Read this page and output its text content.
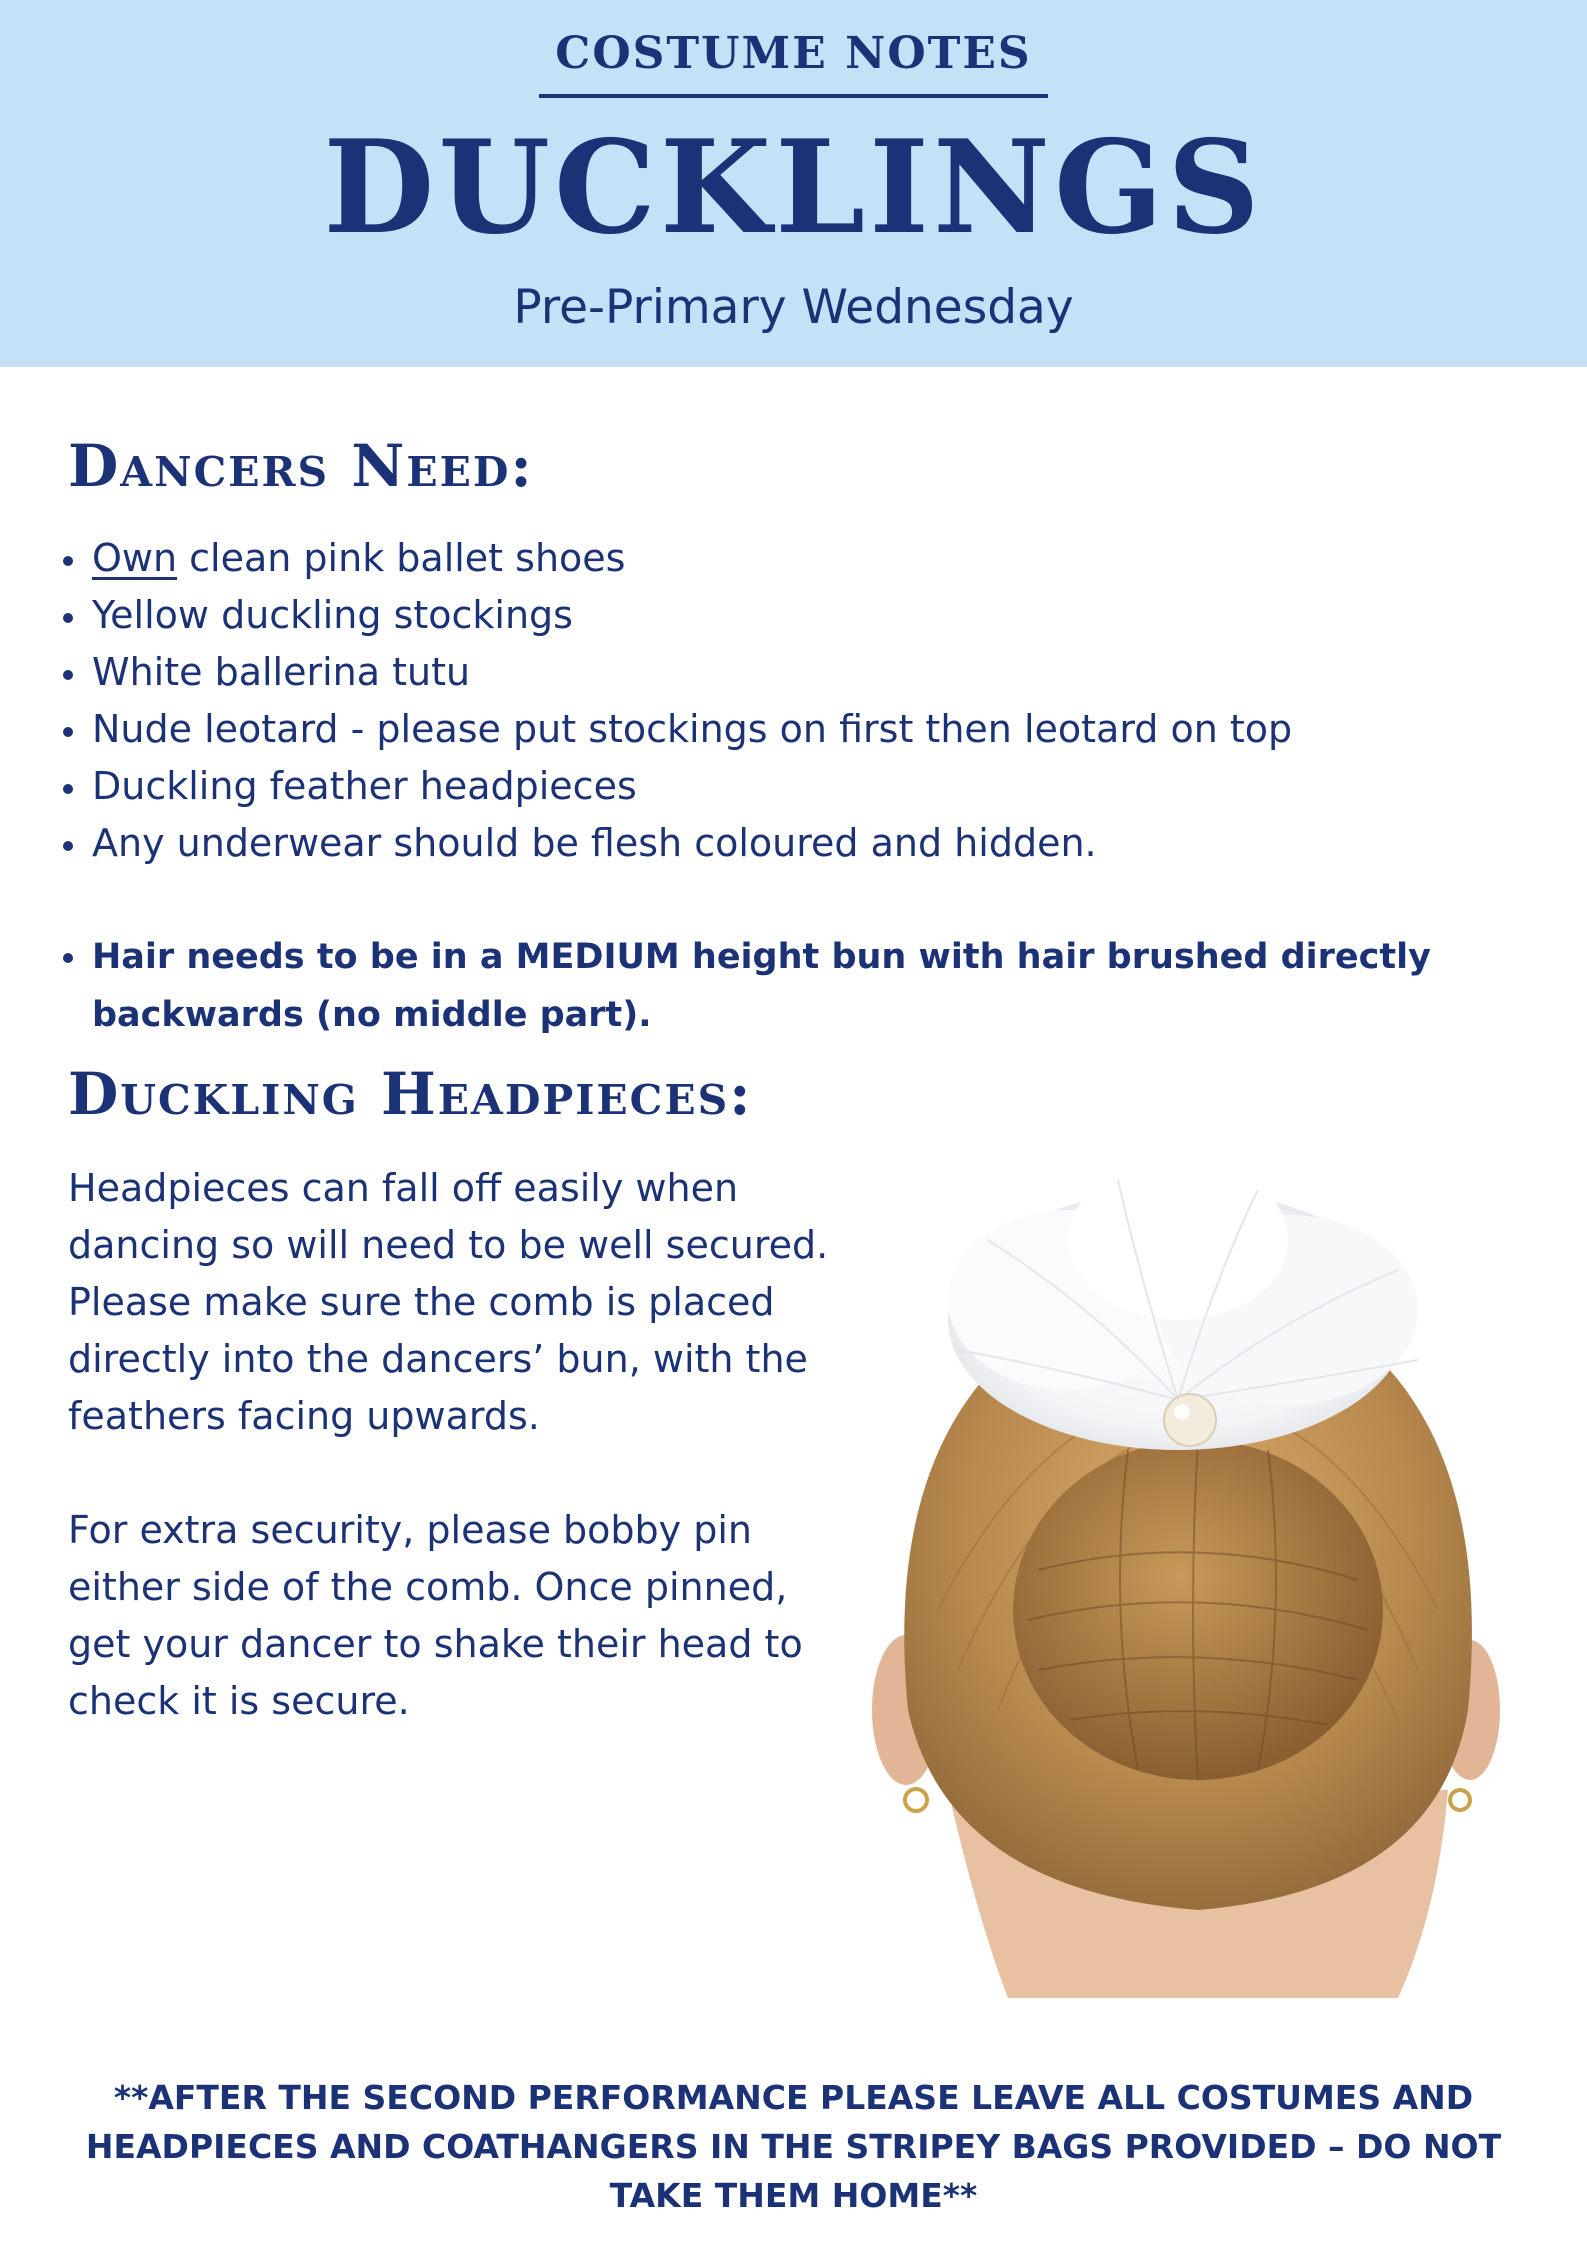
COSTUME NOTES
DUCKLINGS
Pre-Primary Wednesday
Dancers Need:
Own clean pink ballet shoes
Yellow duckling stockings
White ballerina tutu
Nude leotard - please put stockings on first then leotard on top
Duckling feather headpieces
Any underwear should be flesh coloured and hidden.
Hair needs to be in a MEDIUM height bun with hair brushed directly backwards (no middle part).
Duckling Headpieces:

Headpieces can fall off easily when dancing so will need to be well secured. Please make sure the comb is placed directly into the dancers’ bun, with the feathers facing upwards.

For extra security, please bobby pin either side of the comb. Once pinned, get your dancer to shake their head to check it is secure.

**AFTER THE SECOND PERFORMANCE PLEASE LEAVE ALL COSTUMES AND HEADPIECES AND COATHANGERS IN THE STRIPEY BAGS PROVIDED – DO NOT TAKE THEM HOME**
